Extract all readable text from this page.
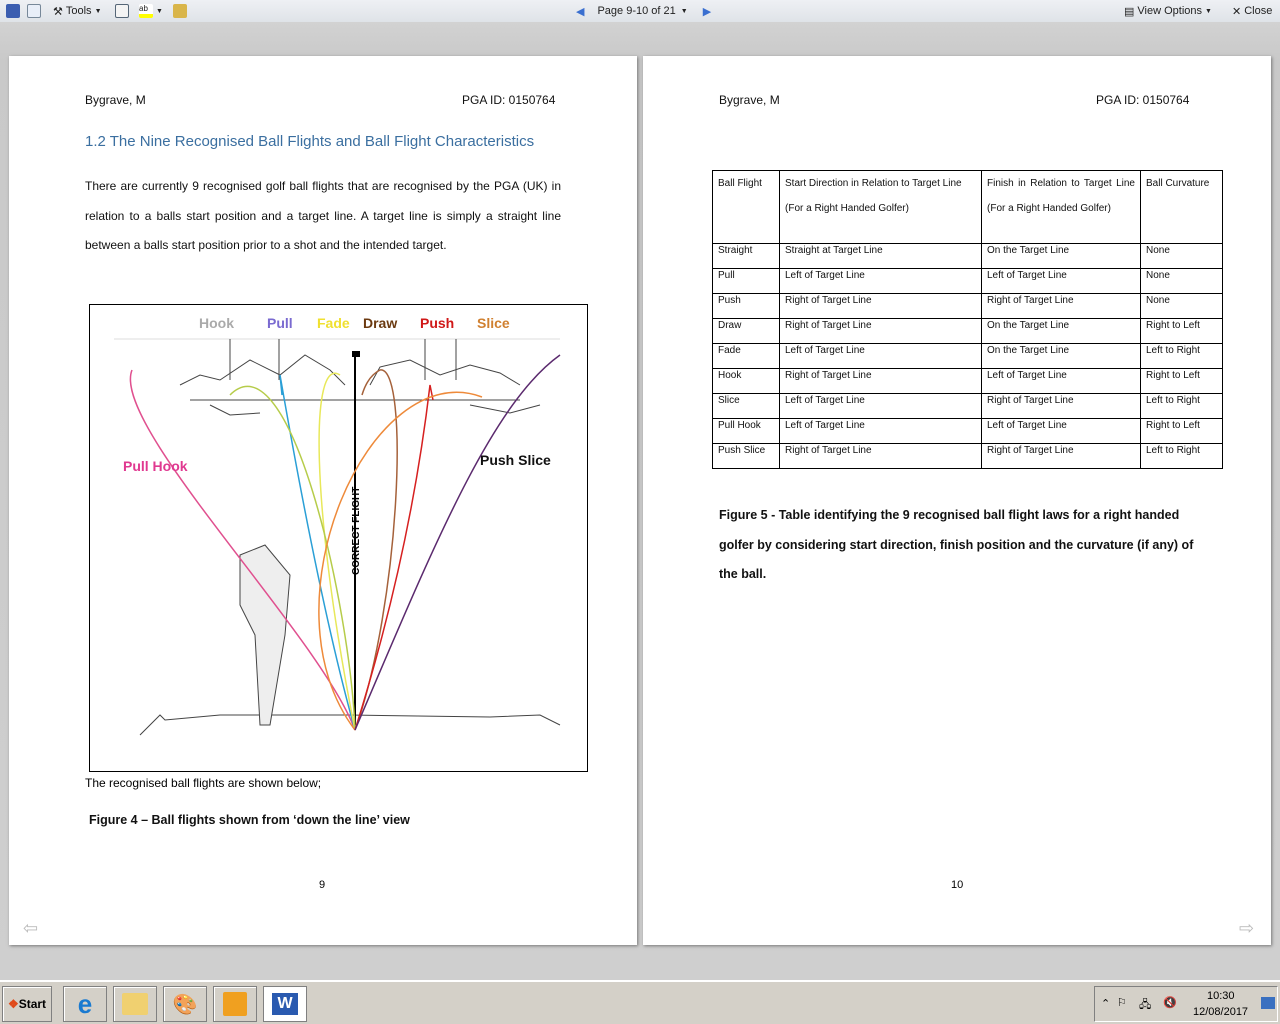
⚒ Tools ▼	ab	▼	◀ Page 9-10 of 21 ▼ ▶	▤ View Options ▼ ✕ Close
Bygrave, M	PGA ID: 0150764
1.2 The Nine Recognised Ball Flights and Ball Flight Characteristics
There are currently 9 recognised golf ball flights that are recognised by the PGA (UK) in relation to a balls start position and a target line. A target line is simply a straight line between a balls start position prior to a shot and the intended target.
CORRECT FLIGHT
Hook Pull Fade Draw Push Slice
Pull Hook	Push Slice
The recognised ball flights are shown below;
Figure 4 – Ball flights shown from ‘down the line’ view
9
⇦
Bygrave, M	PGA ID: 0150764
Ball Flight	Start Direction in Relation to Target Line (For a Right Handed Golfer)	Finish in Relation to Target Line (For a Right Handed Golfer)	Ball Curvature
Straight	Straight at Target Line	On the Target Line	None
Pull	Left of Target Line	Left of Target Line	None
Push	Right of Target Line	Right of Target Line	None
Draw	Right of Target Line	On the Target Line	Right to Left
Fade	Left of Target Line	On the Target Line	Left to Right
Hook	Right of Target Line	Left of Target Line	Right to Left
Slice	Left of Target Line	Right of Target Line	Left to Right
Pull Hook	Left of Target Line	Left of Target Line	Right to Left
Push Slice	Right of Target Line	Right of Target Line	Left to Right
Figure 5 - Table identifying the 9 recognised ball flight laws for a right handed golfer by considering start direction, finish position and the curvature (if any) of the ball.
10
⇨
❖ Start	e	🎨	W	⌃ ⚐ 🖧 🔇
10:30
12/08/2017
